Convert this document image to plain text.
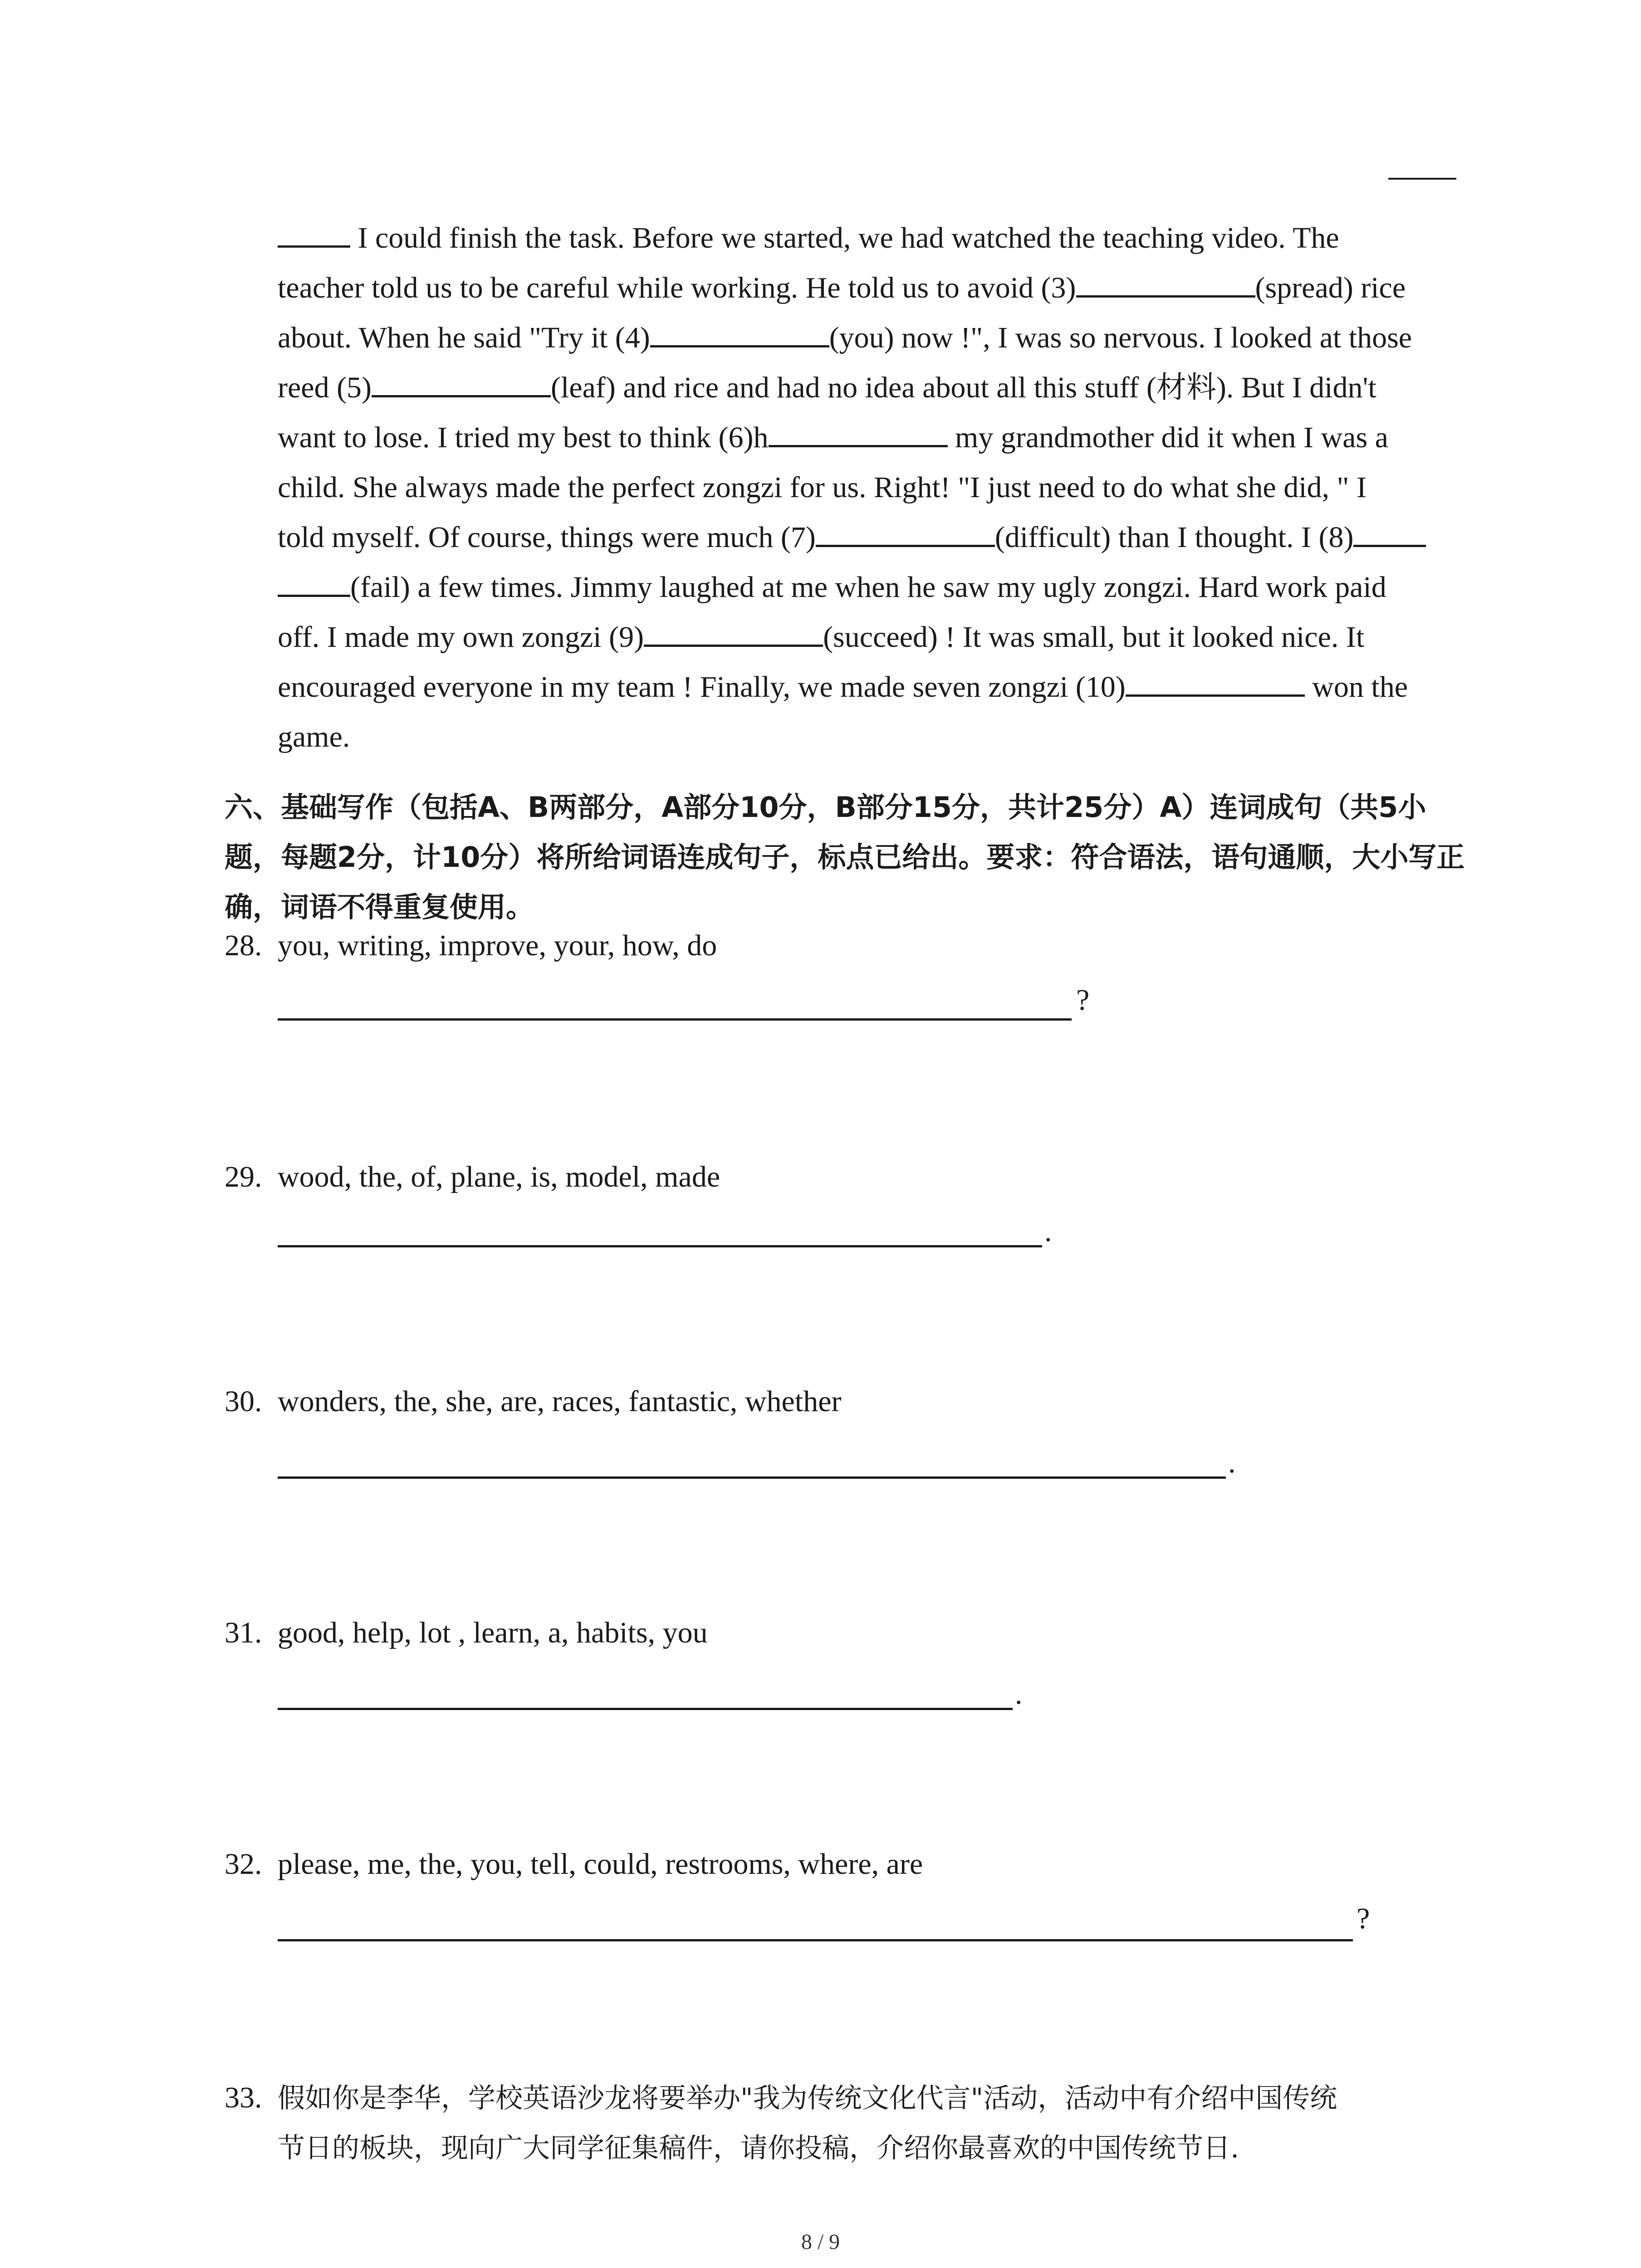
I could finish the task. Before we started, we had watched the teaching video. The
teacher told us to be careful while working. He told us to avoid (3)	(spread) rice
about. When he said "Try it (4)	(you) now !", I was so nervous. I looked at those
reed (5)	(leaf) and rice and had no idea about all this stuff (材料). But I didn't
want to lose. I tried my best to think (6)h	my grandmother did it when I was a
child. She always made the perfect zongzi for us. Right! "I just need to do what she did, " I
told myself. Of course, things were much (7)	(difficult) than I thought. I (8)
(fail) a few times. Jimmy laughed at me when he saw my ugly zongzi. Hard work paid
off. I made my own zongzi (9)	(succeed) ! It was small, but it looked nice. It
encouraged everyone in my team ! Finally, we made seven zongzi (10)	won the
game.
六、基础写作（包括A、B两部分，A部分10分，B部分15分，共计25分）A）连词成句（共5小题，每题2分，计10分）将所给词语连成句子，标点已给出。要求：符合语法，语句通顺，大小写正确，词语不得重复使用。
28. you, writing, improve, your, how, do
?
29. wood, the, of, plane, is, model, made
.
30. wonders, the, she, are, races, fantastic, whether
.
31. good, help, lot , learn, a, habits, you
.
32. please, me, the, you, tell, could, restrooms, where, are
?
33. 假如你是李华，学校英语沙龙将要举办"我为传统文化代言"活动，活动中有介绍中国传统
节日的板块，现向广大同学征集稿件，请你投稿，介绍你最喜欢的中国传统节日.
8 / 9
